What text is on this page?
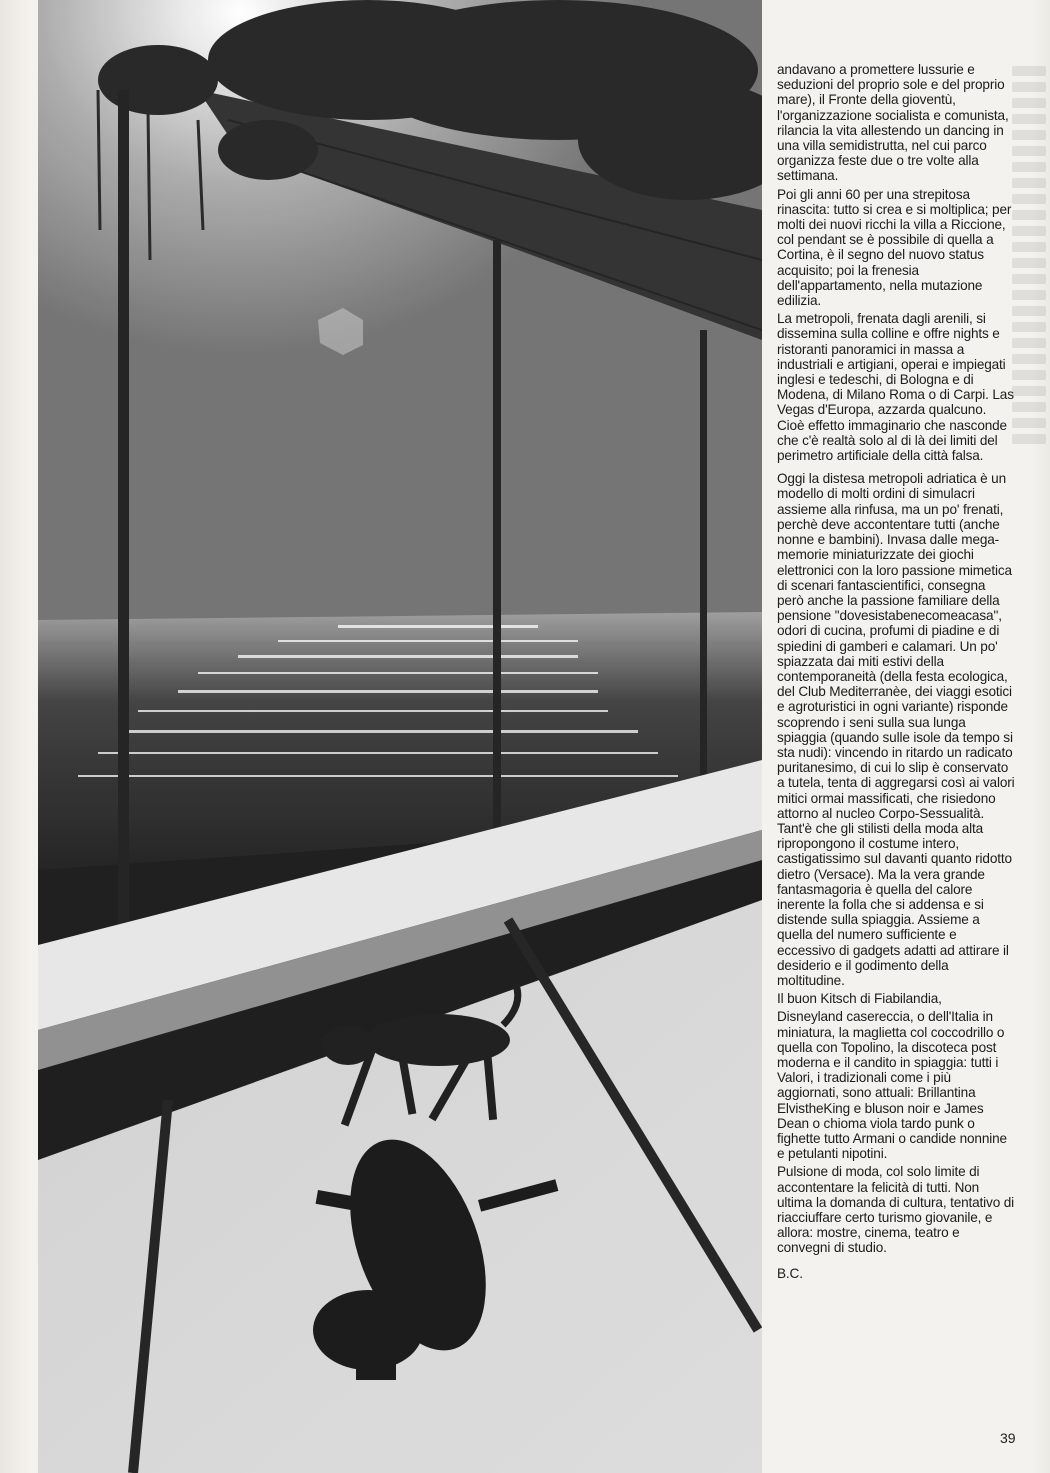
andavano a promettere lussurie e seduzioni del proprio sole e del proprio mare), il Fronte della gioventù, l'organizzazione socialista e comunista, rilancia la vita allestendo un dancing in una villa semidistrutta, nel cui parco organizza feste due o tre volte alla settimana.

Poi gli anni 60 per una strepitosa rinascita: tutto si crea e si moltiplica; per molti dei nuovi ricchi la villa a Riccione, col pendant se è possibile di quella a Cortina, è il segno del nuovo status acquisito; poi la frenesia dell'appartamento, nella mutazione edilizia.

La metropoli, frenata dagli arenili, si dissemina sulla colline e offre nights e ristoranti panoramici in massa a industriali e artigiani, operai e impiegati inglesi e tedeschi, di Bologna e di Modena, di Milano Roma o di Carpi. Las Vegas d'Europa, azzarda qualcuno. Cioè effetto immaginario che nasconde che c'è realtà solo al di là dei limiti del perimetro artificiale della città falsa.

Oggi la distesa metropoli adriatica è un modello di molti ordini di simulacri assieme alla rinfusa, ma un po' frenati, perchè deve accontentare tutti (anche nonne e bambini). Invasa dalle mega-memorie miniaturizzate dei giochi elettronici con la loro passione mimetica di scenari fantascientifici, consegna però anche la passione familiare della pensione ''dovesistabenecomeacasa'', odori di cucina, profumi di piadine e di spiedini di gamberi e calamari. Un po' spiazzata dai miti estivi della contemporaneità (della festa ecologica, del Club Mediterranèe, dei viaggi esotici e agroturistici in ogni variante) risponde scoprendo i seni sulla sua lunga spiaggia (quando sulle isole da tempo si sta nudi): vincendo in ritardo un radicato puritanesimo, di cui lo slip è conservato a tutela, tenta di aggregarsi così ai valori mitici ormai massificati, che risiedono attorno al nucleo Corpo-Sessualità. Tant'è che gli stilisti della moda alta ripropongono il costume intero, castigatissimo sul davanti quanto ridotto dietro (Versace). Ma la vera grande fantasmagoria è quella del calore inerente la folla che si addensa e si distende sulla spiaggia. Assieme a quella del numero sufficiente e eccessivo di gadgets adatti ad attirare il desiderio e il godimento della moltitudine.

Il buon Kitsch di Fiabilandia,

Disneyland casereccia, o dell'Italia in miniatura, la maglietta col coccodrillo o quella con Topolino, la discoteca post moderna e il candito in spiaggia: tutti i Valori, i tradizionali come i più aggiornati, sono attuali: Brillantina ElvistheKing e bluson noir e James Dean o chioma viola tardo punk o fighette tutto Armani o candide nonnine e petulanti nipotini.

Pulsione di moda, col solo limite di accontentare la felicità di tutti. Non ultima la domanda di cultura, tentativo di riacciuffare certo turismo giovanile, e allora: mostre, cinema, teatro e convegni di studio.

B.C.

39
